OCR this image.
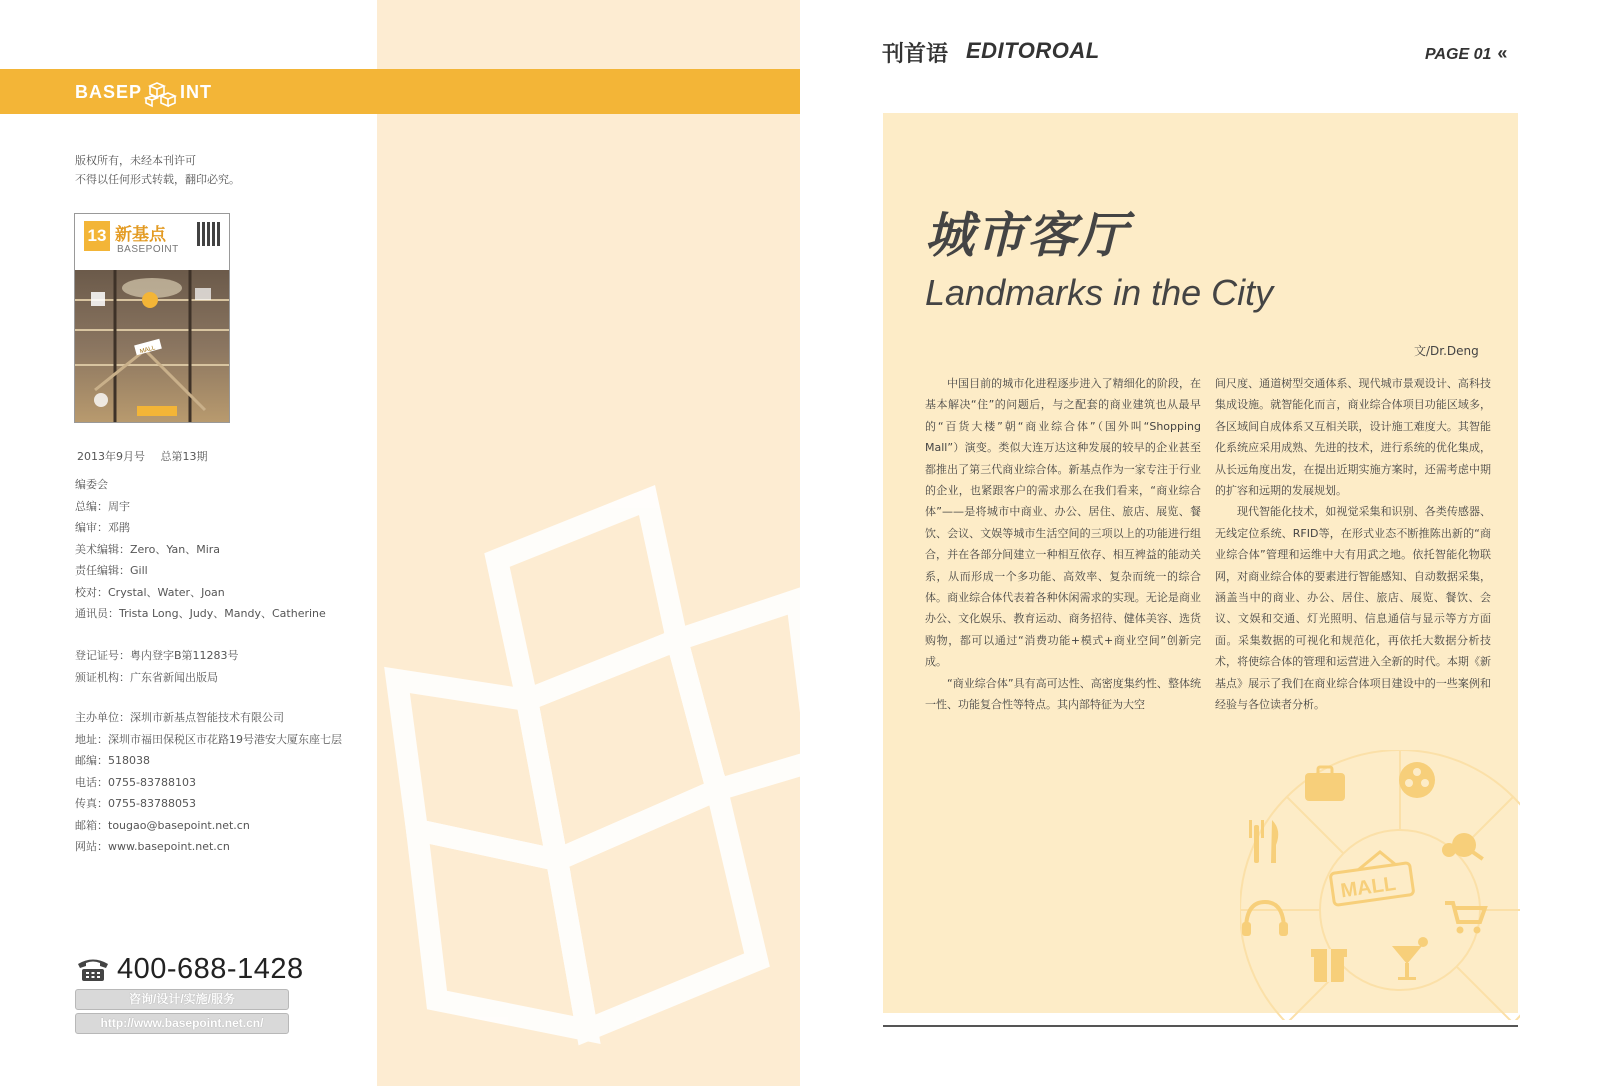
BASEP INT
版权所有，未经本刊许可
不得以任何形式转载，翻印必究。
13 新基点
BASEPOINT
MALL
2013年9月号 总第13期
编委会
总编：周宇
编审：邓鹃
美术编辑：Zero、Yan、Mira
责任编辑：Gill
校对：Crystal、Water、Joan
通讯员：Trista Long、Judy、Mandy、Catherine
登记证号：粤内登字B第11283号
颁证机构：广东省新闻出版局
主办单位：深圳市新基点智能技术有限公司
地址：深圳市福田保税区市花路19号港安大厦东座七层
邮编：518038
电话：0755-83788103
传真：0755-83788053
邮箱：tougao@basepoint.net.cn
网站：www.basepoint.net.cn
400-688-1428
咨询/设计/实施/服务
http://www.basepoint.net.cn/
刊首语 EDITOROAL	PAGE 01 «
城市客厅
Landmarks in the City
文/Dr.Deng

中国目前的城市化进程逐步进入了精细化的阶段，在基本解决“住”的问题后，与之配套的商业建筑也从最早的“百货大楼”朝“商业综合体”（国外叫“Shopping Mall”）演变。类似大连万达这种发展的较早的企业甚至都推出了第三代商业综合体。新基点作为一家专注于行业的企业，也紧跟客户的需求那么在我们看来，“商业综合体”——是将城市中商业、办公、居住、旅店、展览、餐饮、会议、文娱等城市生活空间的三项以上的功能进行组合，并在各部分间建立一种相互依存、相互裨益的能动关系，从而形成一个多功能、高效率、复杂而统一的综合体。商业综合体代表着各种休闲需求的实现。无论是商业办公、文化娱乐、教育运动、商务招待、健体美容、选货购物，都可以通过“消费功能+模式+商业空间”创新完成。

“商业综合体”具有高可达性、高密度集约性、整体统一性、功能复合性等特点。其内部特征为大空

间尺度、通道树型交通体系、现代城市景观设计、高科技集成设施。就智能化而言，商业综合体项目功能区域多，各区域间自成体系又互相关联，设计施工难度大。其智能化系统应采用成熟、先进的技术，进行系统的优化集成，从长远角度出发，在提出近期实施方案时，还需考虑中期的扩容和远期的发展规划。

现代智能化技术，如视觉采集和识别、各类传感器、无线定位系统、RFID等，在形式业态不断推陈出新的“商业综合体”管理和运维中大有用武之地。依托智能化物联网，对商业综合体的要素进行智能感知、自动数据采集，涵盖当中的商业、办公、居住、旅店、展览、餐饮、会议、文娱和交通、灯光照明、信息通信与显示等方方面面。采集数据的可视化和规范化，再依托大数据分析技术，将使综合体的管理和运营进入全新的时代。本期《新基点》展示了我们在商业综合体项目建设中的一些案例和经验与各位读者分析。

MALL
